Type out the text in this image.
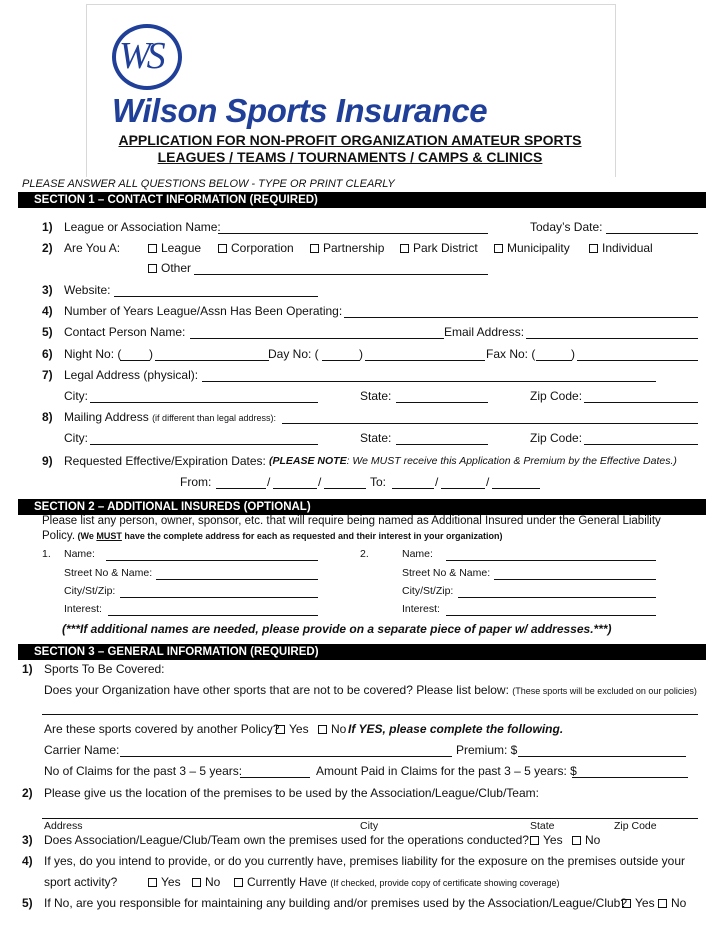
WS
Wilson Sports Insurance
APPLICATION FOR NON-PROFIT ORGANIZATION AMATEUR SPORTS
LEAGUES / TEAMS / TOURNAMENTS / CAMPS & CLINICS
PLEASE ANSWER ALL QUESTIONS BELOW - TYPE OR PRINT CLEARLY
SECTION 1 – CONTACT INFORMATION (REQUIRED)
1) League or Association Name:	Today’s Date:
2) Are You A:	League	Corporation	Partnership	Park District	Municipality	Individual
Other
3) Website:
4) Number of Years League/Assn Has Been Operating:
5) Contact Person Name:	Email Address:
6) Night No: ( )	Day No: (	)	Fax No: (	)
7) Legal Address (physical):
City:	State:	Zip Code:
8) Mailing Address (if different than legal address):
City:	State:	Zip Code:
9) Requested Effective/Expiration Dates: (PLEASE NOTE: We MUST receive this Application & Premium by the Effective Dates.)
From:	/	/	To:	/	/
SECTION 2 – ADDITIONAL INSUREDS (OPTIONAL)
Please list any person, owner, sponsor, etc. that will require being named as Additional Insured under the General Liability
Policy. (We MUST have the complete address for each as requested and their interest in your organization)
1. Name:
Street No & Name:
City/St/Zip:
Interest:
2.	Name:
Street No & Name:
City/St/Zip:
Interest:
(***If additional names are needed, please provide on a separate piece of paper w/ addresses.***)
SECTION 3 – GENERAL INFORMATION (REQUIRED)
1) Sports To Be Covered:
Does your Organization have other sports that are not to be covered? Please list below: (These sports will be excluded on our policies)
Are these sports covered by another Policy? Yes	No If YES, please complete the following.
Carrier Name:	Premium: $
No of Claims for the past 3 – 5 years:	Amount Paid in Claims for the past 3 – 5 years: $
2) Please give us the location of the premises to be used by the Association/League/Club/Team:
Address	City	State	Zip Code
3) Does Association/League/Club/Team own the premises used for the operations conducted?	Yes	No
4) If yes, do you intend to provide, or do you currently have, premises liability for the exposure on the premises outside your
sport activity?	Yes	No	Currently Have (If checked, provide copy of certificate showing coverage)
5) If No, are you responsible for maintaining any building and/or premises used by the Association/League/Club? Yes	No
